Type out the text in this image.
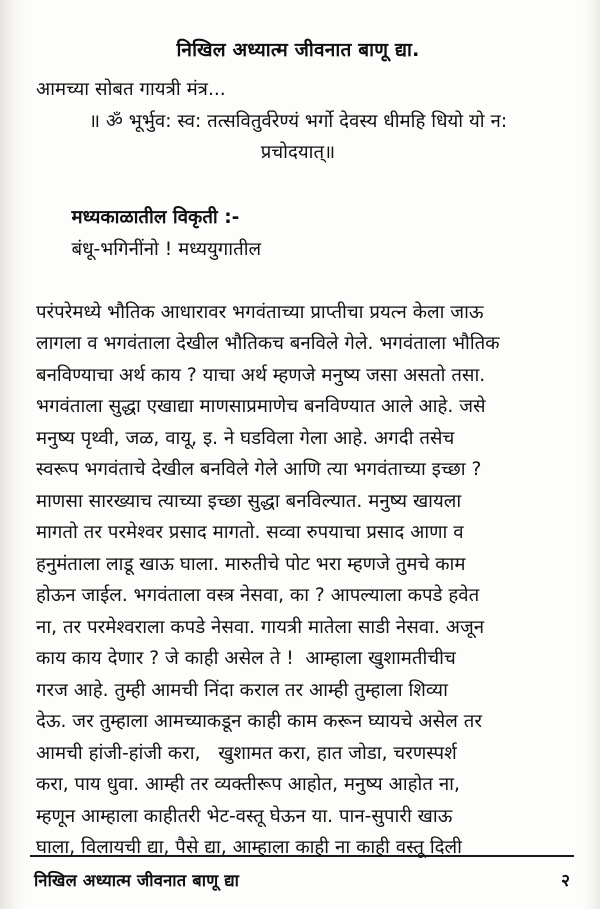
निखिल अध्यात्म जीवनात बाणू द्या.
आमच्या सोबत गायत्री मंत्र...
॥ ॐ भूर्भुव: स्व: तत्सवितुर्वरेण्यं भर्गो देवस्य धीमहि धियो यो न:
प्रचोदयात्॥

मध्यकाळातील विकृती :-
बंधू-भगिनींनो ! मध्ययुगातील

परंपरेमध्ये भौतिक आधारावर भगवंताच्या प्राप्तीचा प्रयत्न केला जाऊ
लागला व भगवंताला देखील भौतिकच बनविले गेले. भगवंताला भौतिक
बनविण्याचा अर्थ काय ? याचा अर्थ म्हणजे मनुष्य जसा असतो तसा.
भगवंताला सुद्धा एखाद्या माणसाप्रमाणेच बनविण्यात आले आहे. जसे
मनुष्य पृथ्वी, जळ, वायू, इ. ने घडविला गेला आहे. अगदी तसेच
स्वरूप भगवंताचे देखील बनविले गेले आणि त्या भगवंताच्या इच्छा ?
माणसा सारख्याच त्याच्या इच्छा सुद्धा बनविल्यात. मनुष्य खायला
मागतो तर परमेश्वर प्रसाद मागतो. सव्वा रुपयाचा प्रसाद आणा व
हनुमंताला लाडू खाऊ घाला. मारुतीचे पोट भरा म्हणजे तुमचे काम
होऊन जाईल. भगवंताला वस्त्र नेसवा, का ? आपल्याला कपडे हवेत
ना, तर परमेश्वराला कपडे नेसवा. गायत्री मातेला साडी नेसवा. अजून
काय काय देणार ? जे काही असेल ते !  आम्हाला खुशामतीचीच
गरज आहे. तुम्ही आमची निंदा कराल तर आम्ही तुम्हाला शिव्या
देऊ. जर तुम्हाला आमच्याकडून काही काम करून घ्यायचे असेल तर
आमची हांजी-हांजी करा,   खुशामत करा, हात जोडा, चरणस्पर्श
करा, पाय धुवा. आम्ही तर व्यक्तीरूप आहोत, मनुष्य आहोत ना,
म्हणून आम्हाला काहीतरी भेट-वस्तू घेऊन या. पान-सुपारी खाऊ
घाला, विलायची द्या, पैसे द्या, आम्हाला काही ना काही वस्तू दिली
निखिल अध्यात्म जीवनात बाणू द्या	२
